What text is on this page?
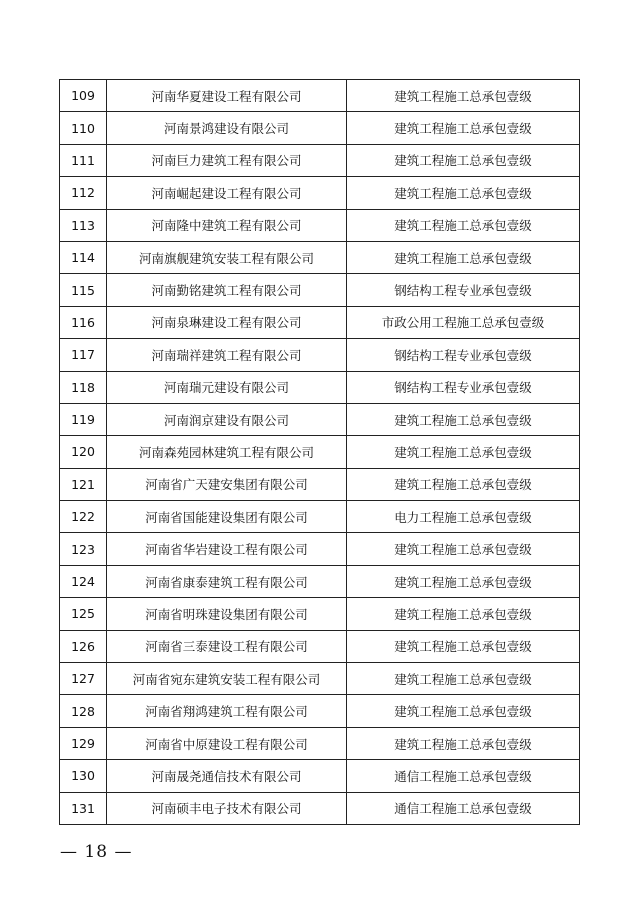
109	河南华夏建设工程有限公司	建筑工程施工总承包壹级
110	河南景鸿建设有限公司	建筑工程施工总承包壹级
111	河南巨力建筑工程有限公司	建筑工程施工总承包壹级
112	河南崛起建设工程有限公司	建筑工程施工总承包壹级
113	河南隆中建筑工程有限公司	建筑工程施工总承包壹级
114	河南旗舰建筑安装工程有限公司	建筑工程施工总承包壹级
115	河南勤铭建筑工程有限公司	钢结构工程专业承包壹级
116	河南泉琳建设工程有限公司	市政公用工程施工总承包壹级
117	河南瑞祥建筑工程有限公司	钢结构工程专业承包壹级
118	河南瑞元建设有限公司	钢结构工程专业承包壹级
119	河南润京建设有限公司	建筑工程施工总承包壹级
120	河南森苑园林建筑工程有限公司	建筑工程施工总承包壹级
121	河南省广天建安集团有限公司	建筑工程施工总承包壹级
122	河南省国能建设集团有限公司	电力工程施工总承包壹级
123	河南省华岩建设工程有限公司	建筑工程施工总承包壹级
124	河南省康泰建筑工程有限公司	建筑工程施工总承包壹级
125	河南省明珠建设集团有限公司	建筑工程施工总承包壹级
126	河南省三泰建设工程有限公司	建筑工程施工总承包壹级
127	河南省宛东建筑安装工程有限公司	建筑工程施工总承包壹级
128	河南省翔鸿建筑工程有限公司	建筑工程施工总承包壹级
129	河南省中原建设工程有限公司	建筑工程施工总承包壹级
130	河南晟尧通信技术有限公司	通信工程施工总承包壹级
131	河南硕丰电子技术有限公司	通信工程施工总承包壹级
— 18 —
